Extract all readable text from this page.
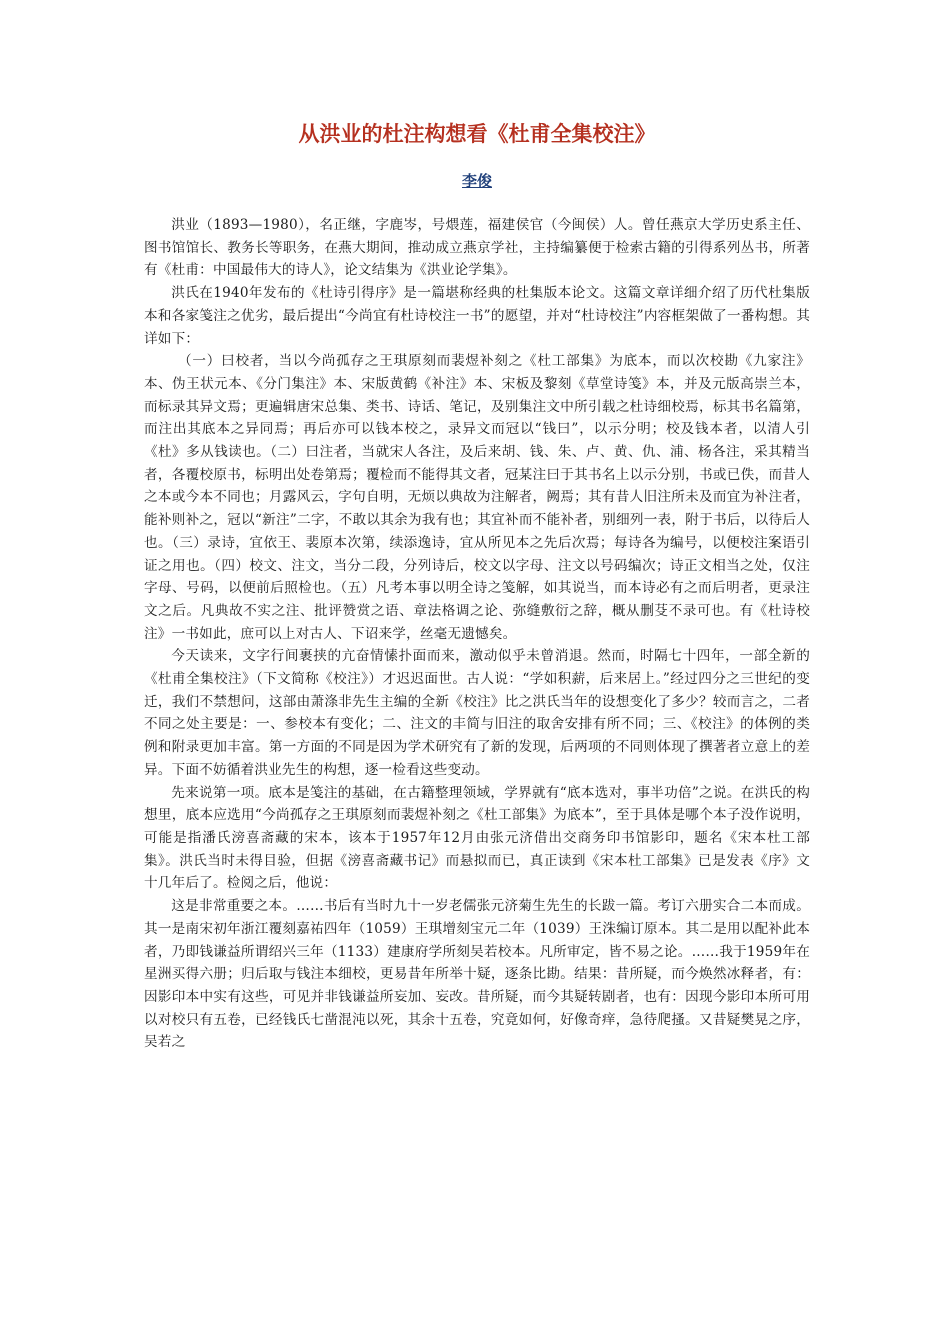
从洪业的杜注构想看《杜甫全集校注》
李俊

洪业（1893—1980），名正继，字鹿岑，号煨莲，福建侯官（今闽侯）人。曾任燕京大学历史系主任、图书馆馆长、教务长等职务，在燕大期间，推动成立燕京学社，主持编纂便于检索古籍的引得系列丛书，所著有《杜甫：中国最伟大的诗人》，论文结集为《洪业论学集》。

洪氏在1940年发布的《杜诗引得序》是一篇堪称经典的杜集版本论文。这篇文章详细介绍了历代杜集版本和各家笺注之优劣，最后提出“今尚宜有杜诗校注一书”的愿望，并对“杜诗校注”内容框架做了一番构想。其详如下：

（一）曰校者，当以今尚孤存之王琪原刻而裴煜补刻之《杜工部集》为底本，而以次校勘《九家注》本、伪王状元本、《分门集注》本、宋版黄鹤《补注》本、宋板及黎刻《草堂诗笺》本，并及元版高崇兰本，而标录其异文焉；更遍辑唐宋总集、类书、诗话、笔记，及别集注文中所引载之杜诗细校焉，标其书名篇第，而注出其底本之异同焉；再后亦可以钱本校之，录异文而冠以“钱曰”，以示分明；校及钱本者，以清人引《杜》多从钱读也。（二）曰注者，当就宋人各注，及后来胡、钱、朱、卢、黄、仇、浦、杨各注，采其精当者，各覆校原书，标明出处卷第焉；覆检而不能得其文者，冠某注曰于其书名上以示分别，书或已佚，而昔人之本或今本不同也；月露风云，字句自明，无烦以典故为注解者，阙焉；其有昔人旧注所未及而宜为补注者，能补则补之，冠以“新注”二字，不敢以其余为我有也；其宜补而不能补者，别细列一表，附于书后，以待后人也。（三）录诗，宜依王、裴原本次第，续添逸诗，宜从所见本之先后次焉；每诗各为编号，以便校注案语引证之用也。（四）校文、注文，当分二段，分列诗后，校文以字母、注文以号码编次；诗正文相当之处，仅注字母、号码，以便前后照检也。（五）凡考本事以明全诗之笺解，如其说当，而本诗必有之而后明者，更录注文之后。凡典故不实之注、批评赞赏之语、章法格调之论、弥缝敷衍之辞，概从删芟不录可也。有《杜诗校注》一书如此，庶可以上对古人、下诏来学，丝毫无遗憾矣。

今天读来，文字行间裹挟的亢奋情愫扑面而来，激动似乎未曾消退。然而，时隔七十四年，一部全新的《杜甫全集校注》（下文简称《校注》）才迟迟面世。古人说：“学如积薪，后来居上。”经过四分之三世纪的变迁，我们不禁想问，这部由萧涤非先生主编的全新《校注》比之洪氏当年的设想变化了多少？较而言之，二者不同之处主要是：一、参校本有变化；二、注文的丰简与旧注的取舍安排有所不同；三、《校注》的体例的类例和附录更加丰富。第一方面的不同是因为学术研究有了新的发现，后两项的不同则体现了撰著者立意上的差异。下面不妨循着洪业先生的构想，逐一检看这些变动。

先来说第一项。底本是笺注的基础，在古籍整理领域，学界就有“底本选对，事半功倍”之说。在洪氏的构想里，底本应选用“今尚孤存之王琪原刻而裴煜补刻之《杜工部集》为底本”，至于具体是哪个本子没作说明，可能是指潘氏滂喜斋藏的宋本，该本于1957年12月由张元济借出交商务印书馆影印，题名《宋本杜工部集》。洪氏当时未得目验，但据《滂喜斋藏书记》而悬拟而已，真正读到《宋本杜工部集》已是发表《序》文十几年后了。检阅之后，他说：

这是非常重要之本。……书后有当时九十一岁老儒张元济菊生先生的长跋一篇。考订六册实合二本而成。其一是南宋初年浙江覆刻嘉祐四年（1059）王琪增刻宝元二年（1039）王洙编订原本。其二是用以配补此本者，乃即钱谦益所谓绍兴三年（1133）建康府学所刻吴若校本。凡所审定，皆不易之论。……我于1959年在星洲买得六册；归后取与钱注本细校，更易昔年所举十疑，逐条比勘。结果：昔所疑，而今焕然冰释者，有：因影印本中实有这些，可见并非钱谦益所妄加、妄改。昔所疑，而今其疑转剧者，也有：因现今影印本所可用以对校只有五卷，已经钱氏七凿混沌以死，其余十五卷，究竟如何，好像奇痒，急待爬搔。又昔疑樊晃之序，吴若之
